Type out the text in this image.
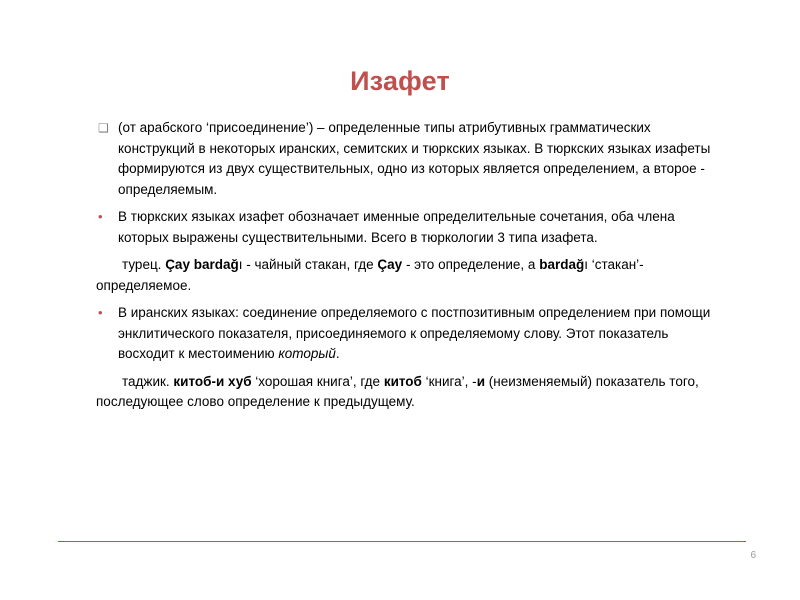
Изафет
❑ (от арабского ‘присоединение’) – определенные типы атрибутивных грамматических конструкций в некоторых иранских, семитских и тюркских языках. В тюркских языках изафеты формируются из двух существительных, одно из которых является определением, а второе - определяемым.
•	В тюркских языках изафет обозначает именные определительные сочетания, оба члена которых выражены существительными. Всего в тюркологии 3 типа изафета.
турец. Çay bardağı - чайный стакан, где Çay - это определение, а bardağı ‘стакан’- определяемое.
•	В иранских языках: соединение определяемого с постпозитивным определением при помощи энклитического показателя, присоединяемого к определяемому слову. Этот показатель восходит к местоимению который.
таджик. китоб-и хуб ‘хорошая книга’, где китоб ‘книга’, -и (неизменяемый) показатель того, последующее слово определение к предыдущему.
6
